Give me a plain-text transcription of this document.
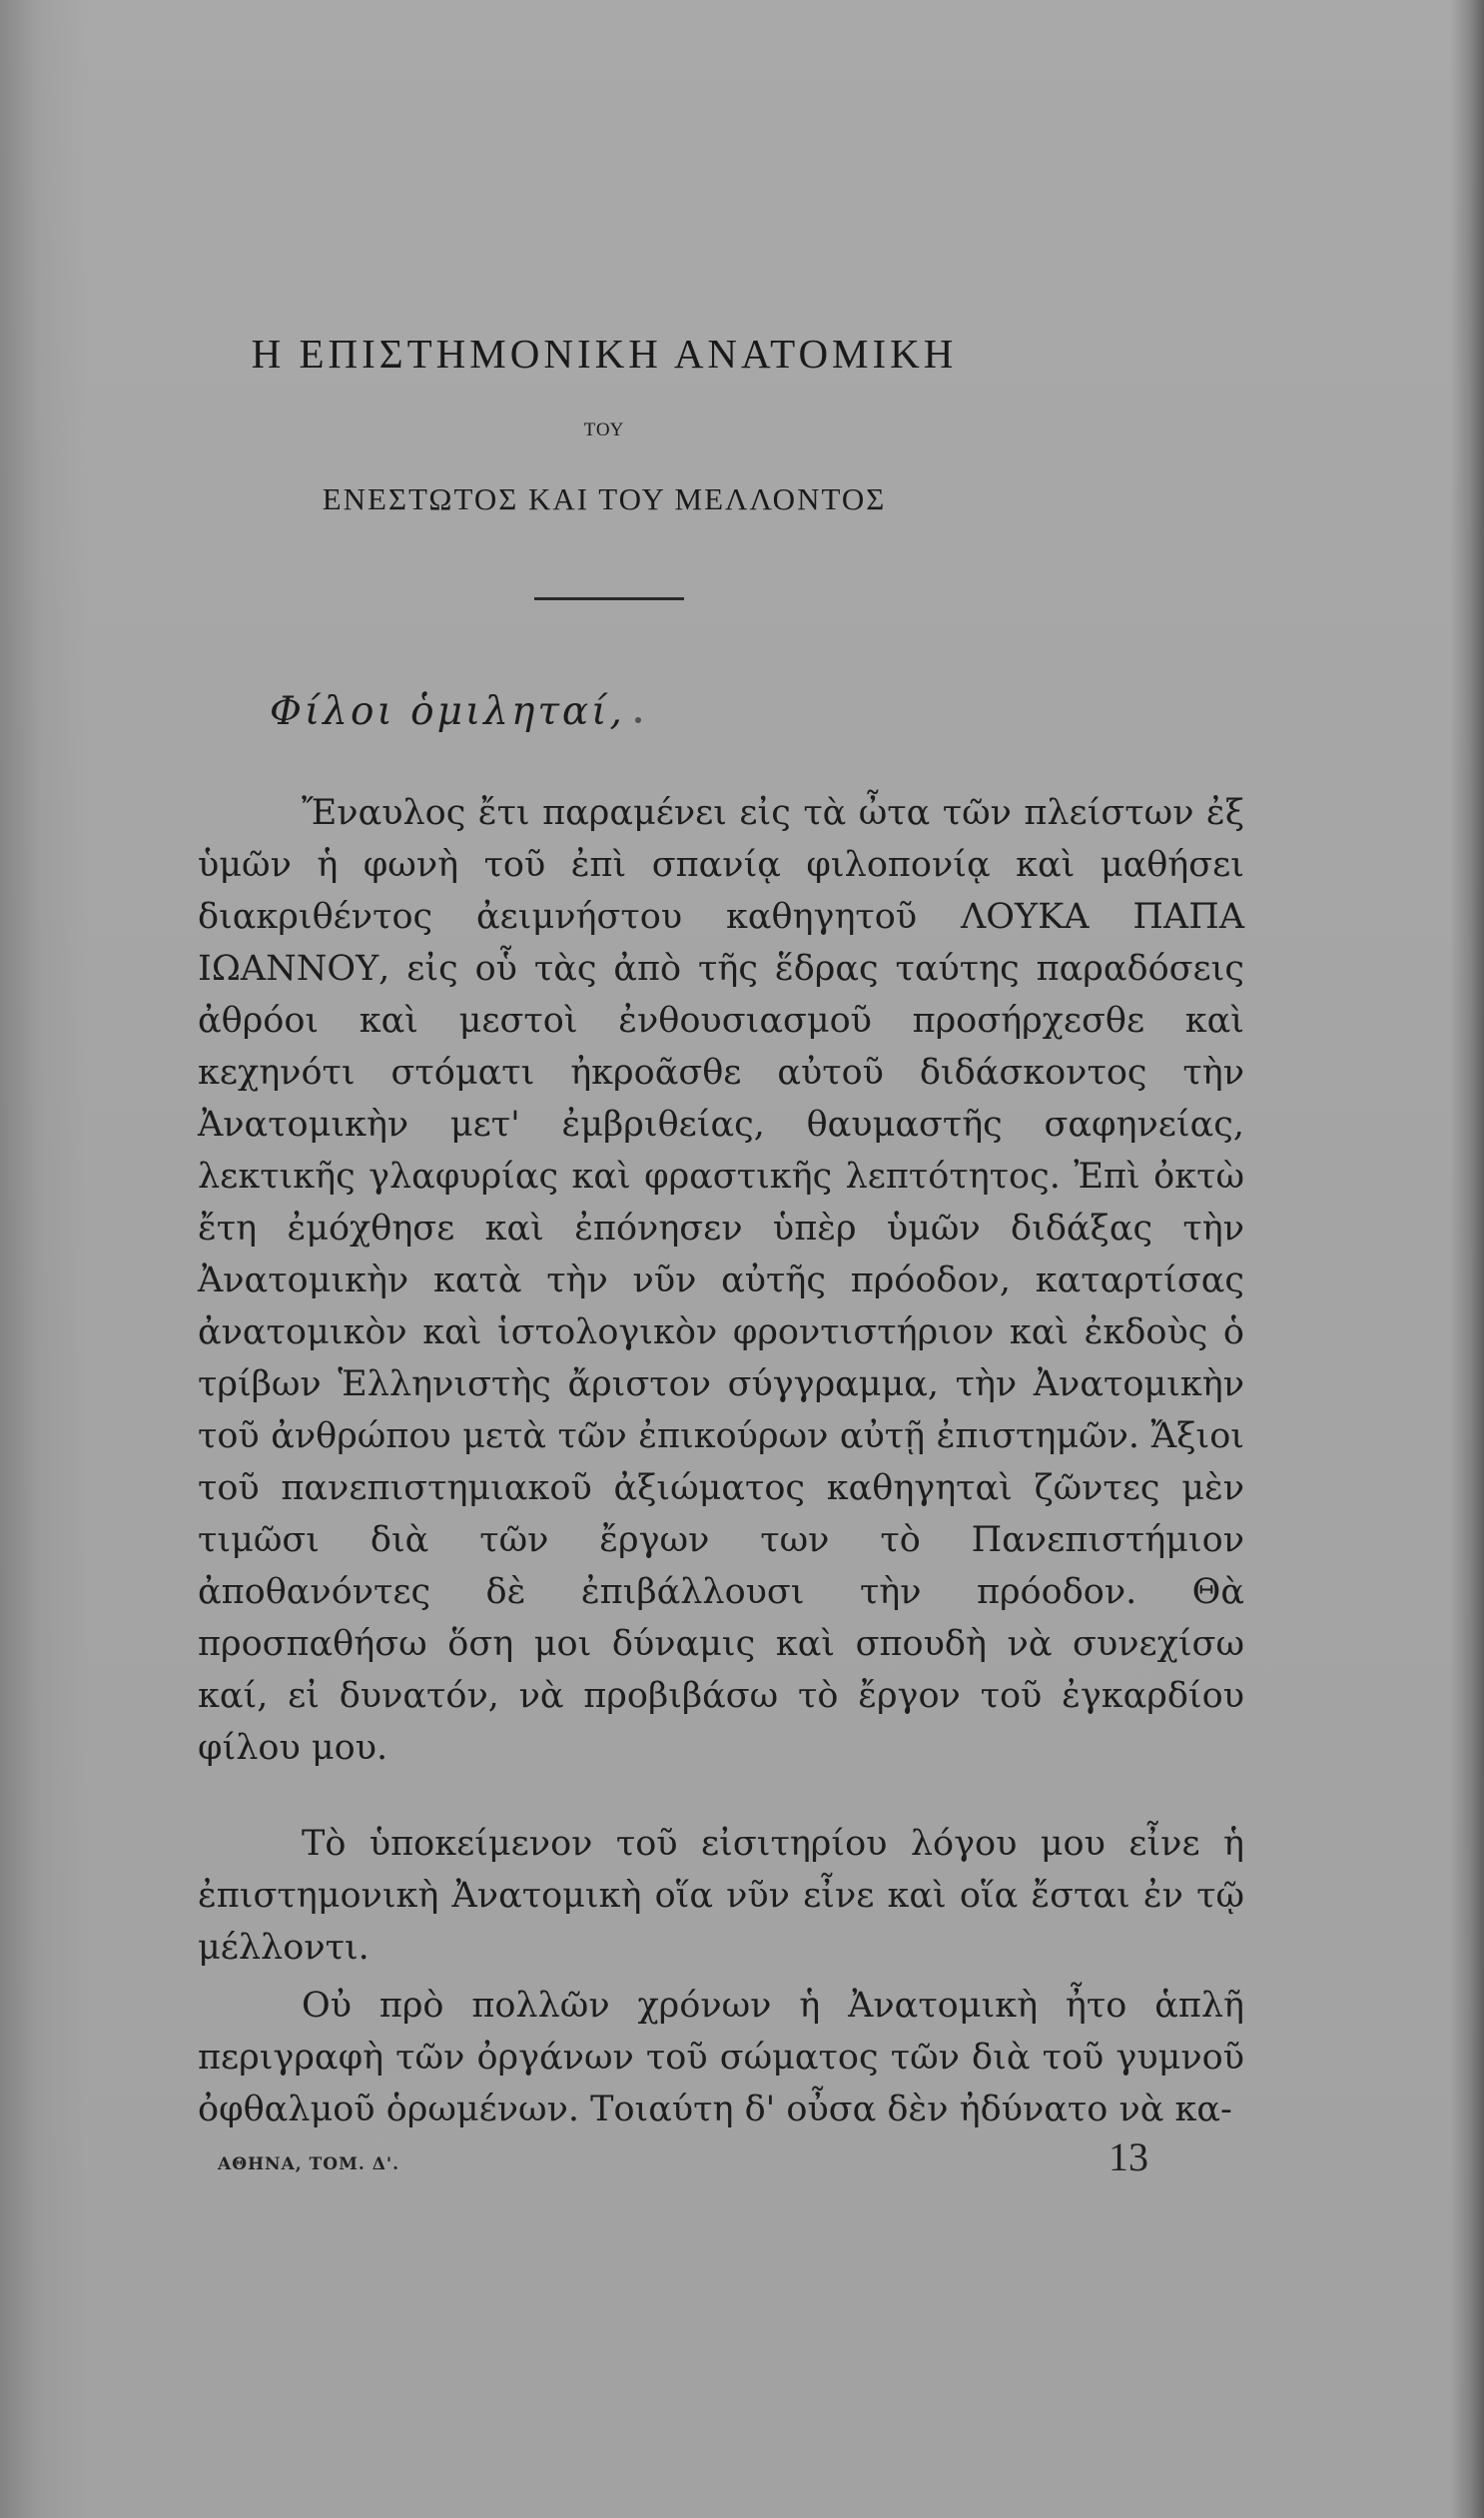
Η ΕΠΙΣΤΗΜΟΝΙΚΗ ΑΝΑΤΟΜΙΚΗ
ΤΟΥ
ΕΝΕΣΤΩΤΟΣ ΚΑΙ ΤΟΥ ΜΕΛΛΟΝΤΟΣ
Φίλοι ὁμιληταί,

Ἔναυλος ἔτι παραμένει εἰς τὰ ὦτα τῶν πλείστων ἐξ ὑμῶν ἡ φωνὴ τοῦ ἐπὶ σπανίᾳ φιλοπονίᾳ καὶ μαθήσει διακριθέντος ἀειμνήστου καθηγητοῦ ΛΟΥΚΑ ΠΑΠΑ ΙΩΑΝΝΟΥ, εἰς οὗ τὰς ἀπὸ τῆς ἕδρας ταύτης παραδόσεις ἀθρόοι καὶ μεστοὶ ἐνθουσιασμοῦ προσήρχεσθε καὶ κεχηνότι στόματι ἠκροᾶσθε αὐτοῦ διδάσκοντος τὴν Ἀνατομικὴν μετ' ἐμβριθείας, θαυμαστῆς σαφηνείας, λεκτικῆς γλαφυρίας καὶ φραστικῆς λεπτότητος. Ἐπὶ ὀκτὼ ἔτη ἐμόχθησε καὶ ἐπόνησεν ὑπὲρ ὑμῶν διδάξας τὴν Ἀνατομικὴν κατὰ τὴν νῦν αὐτῆς πρόοδον, καταρτίσας ἀνατομικὸν καὶ ἱστολογικὸν φροντιστήριον καὶ ἐκδοὺς ὁ τρίβων Ἑλληνιστὴς ἄριστον σύγγραμμα, τὴν Ἀνατομικὴν τοῦ ἀνθρώπου μετὰ τῶν ἐπικούρων αὐτῇ ἐπιστημῶν. Ἄξιοι τοῦ πανεπιστημιακοῦ ἀξιώματος καθηγηταὶ ζῶντες μὲν τιμῶσι διὰ τῶν ἔργων των τὸ Πανεπιστήμιον ἀποθανόντες δὲ ἐπιβάλλουσι τὴν πρόοδον. Θὰ προσπαθήσω ὅση μοι δύναμις καὶ σπουδὴ νὰ συνεχίσω καί, εἰ δυνατόν, νὰ προβιβάσω τὸ ἔργον τοῦ ἐγκαρδίου φίλου μου.

Τὸ ὑποκείμενον τοῦ εἰσιτηρίου λόγου μου εἶνε ἡ ἐπιστημονικὴ Ἀνατομικὴ οἵα νῦν εἶνε καὶ οἵα ἔσται ἐν τῷ μέλλοντι.

Οὐ πρὸ πολλῶν χρόνων ἡ Ἀνατομικὴ ἦτο ἁπλῆ περιγραφὴ τῶν ὀργάνων τοῦ σώματος τῶν διὰ τοῦ γυμνοῦ ὀφθαλμοῦ ὁρωμένων. Τοιαύτη δ' οὖσα δὲν ἠδύνατο νὰ κα-

ΑΘΗΝΑ, ΤΟΜ. Δ'.	13
